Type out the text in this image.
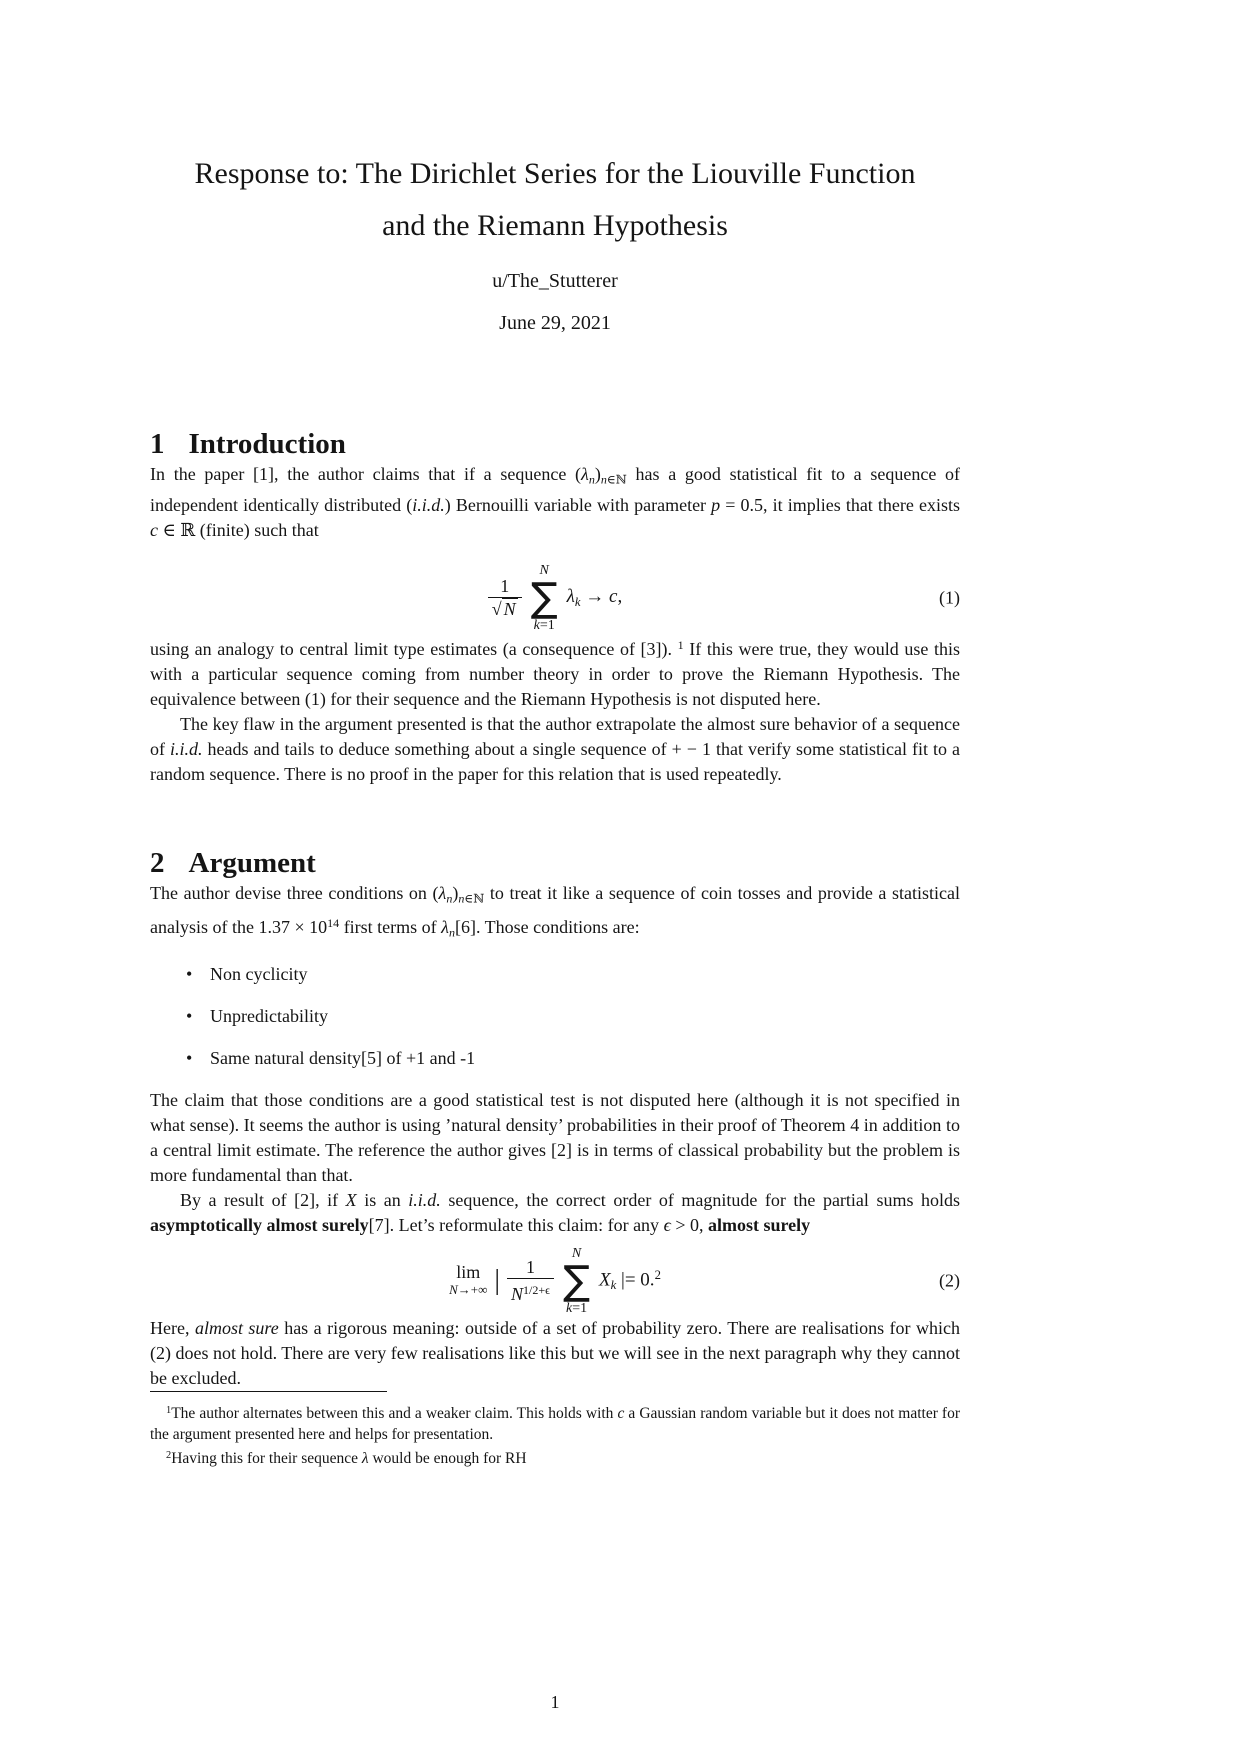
Response to: The Dirichlet Series for the Liouville Function
and the Riemann Hypothesis
u/The_Stutterer
June 29, 2021
1 Introduction

In the paper [1], the author claims that if a sequence $(\lambda_n)_{n\in ℕ}$ has a good statistical fit to a sequence of independent identically distributed (i.i.d.) Bernouilli variable with parameter p = 0.5, it implies that there exists c ∈ ℝ (finite) such that

$\frac{1}{√ N}$
N
∑
k=1
$\lambda_k \to c$,	(1)

using an analogy to central limit type estimates (a consequence of [3]). $^1$ If this were true, they would use this with a particular sequence coming from number theory in order to prove the Riemann Hypothesis. The equivalence between (1) for their sequence and the Riemann Hypothesis is not disputed here.

The key flaw in the argument presented is that the author extrapolate the almost sure behavior of a sequence of i.i.d. heads and tails to deduce something about a single sequence of + − 1 that verify some statistical fit to a random sequence. There is no proof in the paper for this relation that is used repeatedly.

2 Argument

The author devise three conditions on $(\lambda_n)_{n\in ℕ}$ to treat it like a sequence of coin tosses and provide a statistical analysis of the $1.37 \times 10^{14}$ first terms of $\lambda_n[6]$. Those conditions are:

• Non cyclicity
• Unpredictability
• Same natural density[5] of +1 and -1

The claim that those conditions are a good statistical test is not disputed here (although it is not specified in what sense). It seems the author is using ’natural density’ probabilities in their proof of Theorem 4 in addition to a central limit estimate. The reference the author gives [2] is in terms of classical probability but the problem is more fundamental than that.

By a result of [2], if X is an i.i.d. sequence, the correct order of magnitude for the partial sums holds asymptotically almost surely[7]. Let’s reformulate this claim: for any ϵ > 0, almost surely

lim
N→+∞ | $\frac{1}{N^{1/2+\epsilon}}$
N
∑
k=1
$X_k$ |= 0.$^2$	(2)

Here, almost sure has a rigorous meaning: outside of a set of probability zero. There are realisations for which (2) does not hold. There are very few realisations like this but we will see in the next paragraph why they cannot be excluded.

$^1$The author alternates between this and a weaker claim. This holds with c a Gaussian random variable but it does not matter for the argument presented here and helps for presentation.

$^2$Having this for their sequence λ would be enough for RH

1
